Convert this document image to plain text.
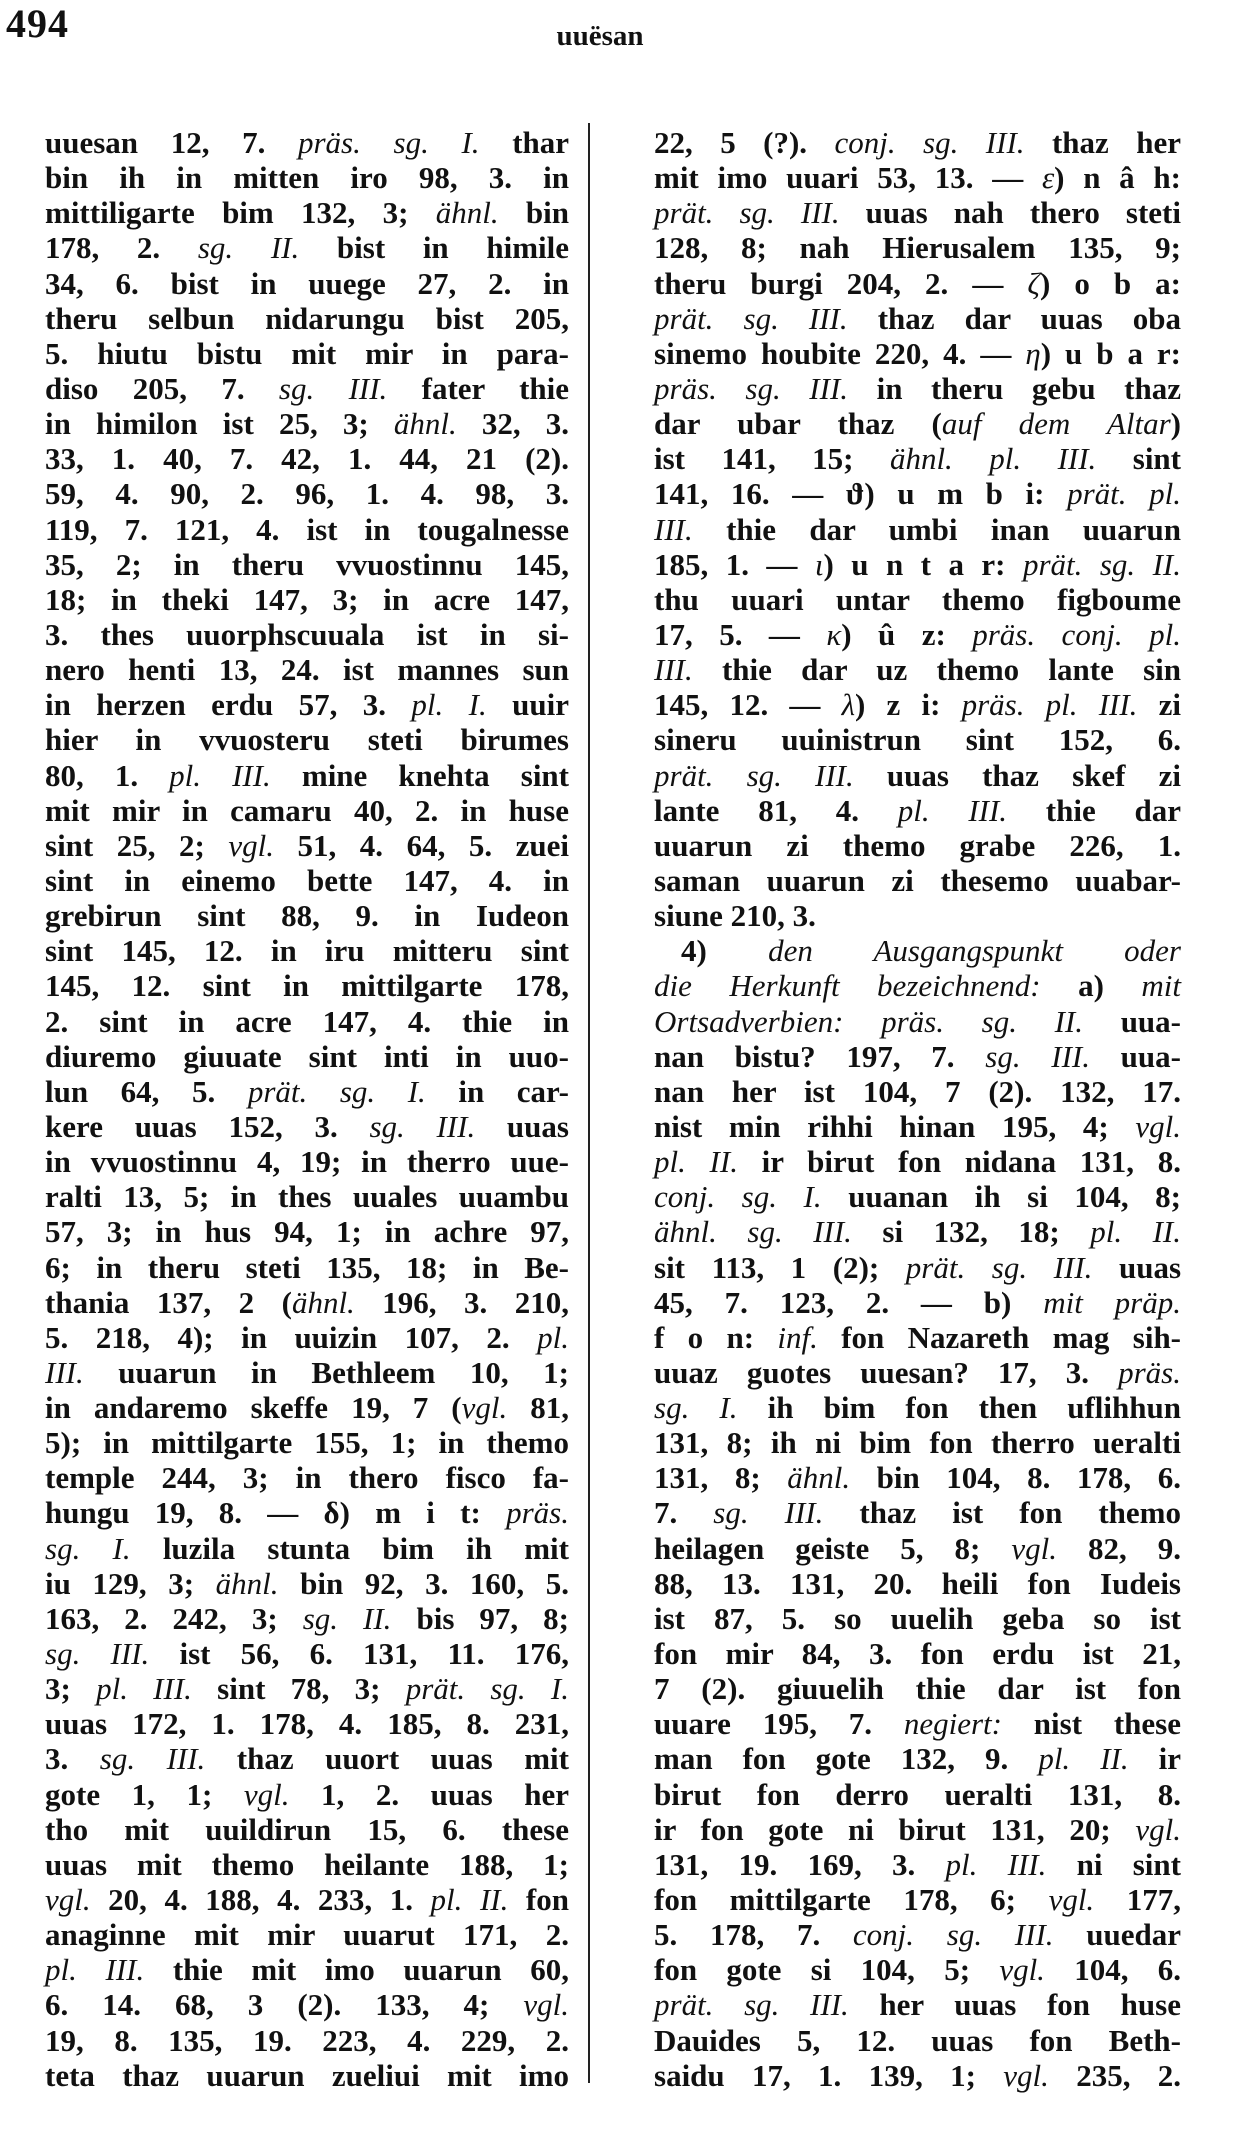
494	uuësan
uuesan 12, 7. präs. sg. I. thar
bin ih in mitten iro 98, 3. in
mittiligarte bim 132, 3; ähnl. bin
178, 2. sg. II. bist in himile
34, 6. bist in uuege 27, 2. in
theru selbun nidarungu bist 205,
5. hiutu bistu mit mir in para-
diso 205, 7. sg. III. fater thie
in himilon ist 25, 3; ähnl. 32, 3.
33, 1. 40, 7. 42, 1. 44, 21 (2).
59, 4. 90, 2. 96, 1. 4. 98, 3.
119, 7. 121, 4. ist in tougalnesse
35, 2; in theru vvuostinnu 145,
18; in theki 147, 3; in acre 147,
3. thes uuorphscuuala ist in si-
nero henti 13, 24. ist mannes sun
in herzen erdu 57, 3. pl. I. uuir
hier in vvuosteru steti birumes
80, 1. pl. III. mine knehta sint
mit mir in camaru 40, 2. in huse
sint 25, 2; vgl. 51, 4. 64, 5. zuei
sint in einemo bette 147, 4. in
grebirun sint 88, 9. in Iudeon
sint 145, 12. in iru mitteru sint
145, 12. sint in mittilgarte 178,
2. sint in acre 147, 4. thie in
diuremo giuuate sint inti in uuo-
lun 64, 5. prät. sg. I. in car-
kere uuas 152, 3. sg. III. uuas
in vvuostinnu 4, 19; in therro uue-
ralti 13, 5; in thes uuales uuambu
57, 3; in hus 94, 1; in achre 97,
6; in theru steti 135, 18; in Be-
thania 137, 2 (ähnl. 196, 3. 210,
5. 218, 4); in uuizin 107, 2. pl.
III. uuarun in Bethleem 10, 1;
in andaremo skeffe 19, 7 (vgl. 81,
5); in mittilgarte 155, 1; in themo
temple 244, 3; in thero fisco fa-
hungu 19, 8. — δ) m i t: präs.
sg. I. luzila stunta bim ih mit
iu 129, 3; ähnl. bin 92, 3. 160, 5.
163, 2. 242, 3; sg. II. bis 97, 8;
sg. III. ist 56, 6. 131, 11. 176,
3; pl. III. sint 78, 3; prät. sg. I.
uuas 172, 1. 178, 4. 185, 8. 231,
3. sg. III. thaz uuort uuas mit
gote 1, 1; vgl. 1, 2. uuas her
tho mit uuildirun 15, 6. these
uuas mit themo heilante 188, 1;
vgl. 20, 4. 188, 4. 233, 1. pl. II. fon
anaginne mit mir uuarut 171, 2.
pl. III. thie mit imo uuarun 60,
6. 14. 68, 3 (2). 133, 4; vgl.
19, 8. 135, 19. 223, 4. 229, 2.
teta thaz uuarun zueliui mit imo
22, 5 (?). conj. sg. III. thaz her
mit imo uuari 53, 13. — ε) n â h:
prät. sg. III. uuas nah thero steti
128, 8; nah Hierusalem 135, 9;
theru burgi 204, 2. — ζ) o b a:
prät. sg. III. thaz dar uuas oba
sinemo houbite 220, 4. — η) u b a r:
präs. sg. III. in theru gebu thaz
dar ubar thaz (auf dem Altar)
ist 141, 15; ähnl. pl. III. sint
141, 16. — ϑ) u m b i: prät. pl.
III. thie dar umbi inan uuarun
185, 1. — ι) u n t a r: prät. sg. II.
thu uuari untar themo figboume
17, 5. — κ) û z: präs. conj. pl.
III. thie dar uz themo lante sin
145, 12. — λ) z i: präs. pl. III. zi
sineru uuinistrun sint 152, 6.
prät. sg. III. uuas thaz skef zi
lante 81, 4. pl. III. thie dar
uuarun zi themo grabe 226, 1.
saman uuarun zi thesemo uuabar-
siune 210, 3.
4) den Ausgangspunkt oder
die Herkunft bezeichnend: a) mit
Ortsadverbien: präs. sg. II. uua-
nan bistu? 197, 7. sg. III. uua-
nan her ist 104, 7 (2). 132, 17.
nist min rihhi hinan 195, 4; vgl.
pl. II. ir birut fon nidana 131, 8.
conj. sg. I. uuanan ih si 104, 8;
ähnl. sg. III. si 132, 18; pl. II.
sit 113, 1 (2); prät. sg. III. uuas
45, 7. 123, 2. — b) mit präp.
f o n: inf. fon Nazareth mag sih-
uuaz guotes uuesan? 17, 3. präs.
sg. I. ih bim fon then uflihhun
131, 8; ih ni bim fon therro ueralti
131, 8; ähnl. bin 104, 8. 178, 6.
7. sg. III. thaz ist fon themo
heilagen geiste 5, 8; vgl. 82, 9.
88, 13. 131, 20. heili fon Iudeis
ist 87, 5. so uuelih geba so ist
fon mir 84, 3. fon erdu ist 21,
7 (2). giuuelih thie dar ist fon
uuare 195, 7. negiert: nist these
man fon gote 132, 9. pl. II. ir
birut fon derro ueralti 131, 8.
ir fon gote ni birut 131, 20; vgl.
131, 19. 169, 3. pl. III. ni sint
fon mittilgarte 178, 6; vgl. 177,
5. 178, 7. conj. sg. III. uuedar
fon gote si 104, 5; vgl. 104, 6.
prät. sg. III. her uuas fon huse
Dauides 5, 12. uuas fon Beth-
saidu 17, 1. 139, 1; vgl. 235, 2.
